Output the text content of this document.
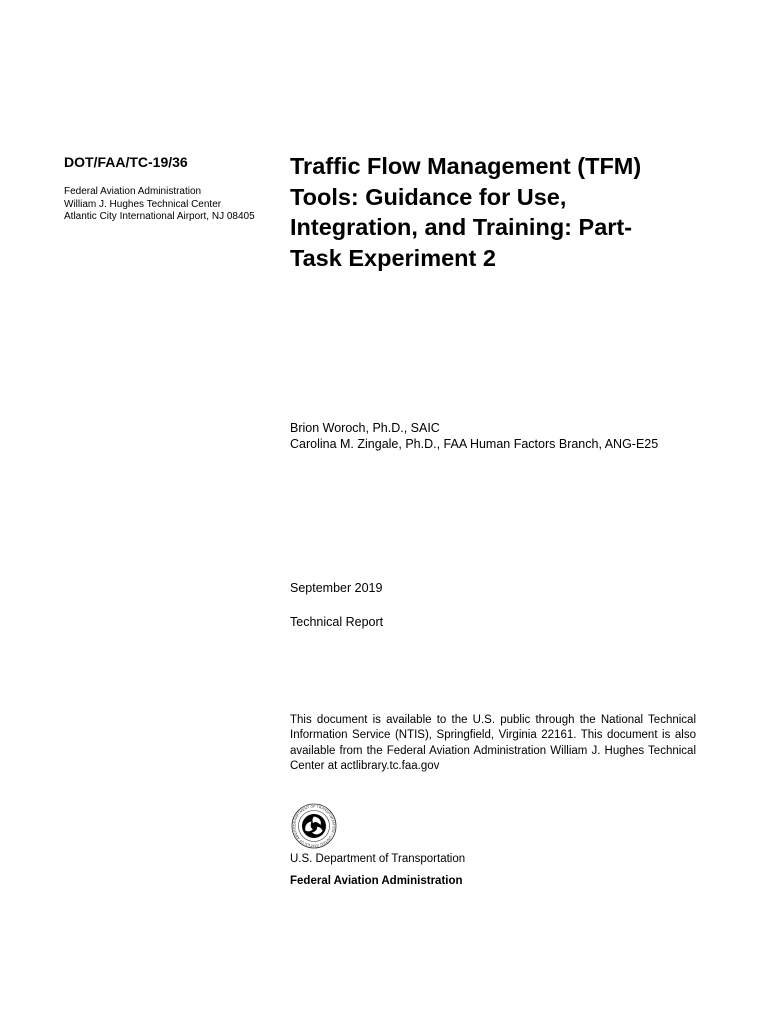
DOT/FAA/TC-19/36
Federal Aviation Administration
William J. Hughes Technical Center
Atlantic City International Airport, NJ 08405
Traffic Flow Management (TFM)
Tools: Guidance for Use,
Integration, and Training: Part-
Task Experiment 2
Brion Woroch, Ph.D., SAIC
Carolina M. Zingale, Ph.D., FAA Human Factors Branch, ANG-E25
September 2019
Technical Report
This document is available to the U.S. public through the National Technical Information Service (NTIS), Springfield, Virginia 22161. This document is also available from the Federal Aviation Administration William J. Hughes Technical Center at actlibrary.tc.faa.gov
DEPARTMENT OF TRANSPORTATION • UNITED STATES OF AMERIC
U.S. Department of Transportation
Federal Aviation Administration
